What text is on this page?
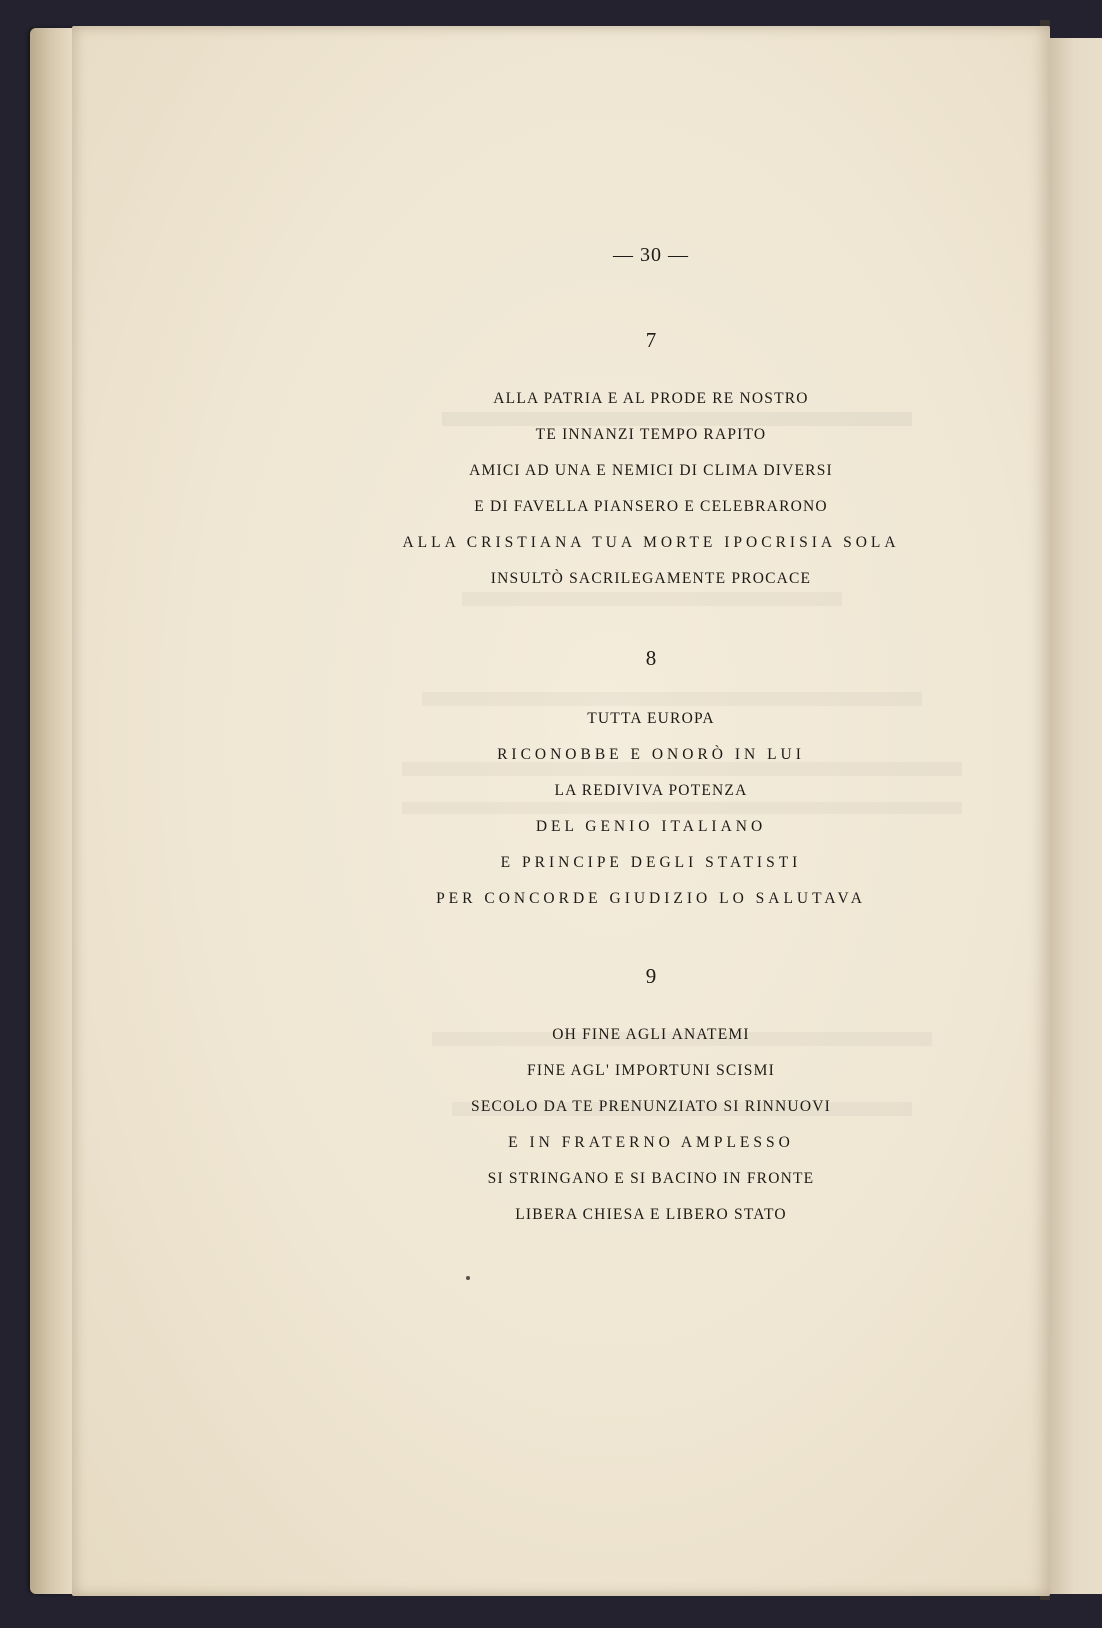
— 30 —
7
ALLA PATRIA E AL PRODE RE NOSTRO
TE INNANZI TEMPO RAPITO
AMICI AD UNA E NEMICI DI CLIMA DIVERSI
E DI FAVELLA PIANSERO E CELEBRARONO
ALLA CRISTIANA TUA MORTE IPOCRISIA SOLA
INSULTÒ SACRILEGAMENTE PROCACE
8
TUTTA EUROPA
RICONOBBE E ONORÒ IN LUI
LA REDIVIVA POTENZA
DEL GENIO ITALIANO
E PRINCIPE DEGLI STATISTI
PER CONCORDE GIUDIZIO LO SALUTAVA
9
OH FINE AGLI ANATEMI
FINE AGL' IMPORTUNI SCISMI
SECOLO DA TE PRENUNZIATO SI RINNUOVI
E IN FRATERNO AMPLESSO
SI STRINGANO E SI BACINO IN FRONTE
LIBERA CHIESA E LIBERO STATO
